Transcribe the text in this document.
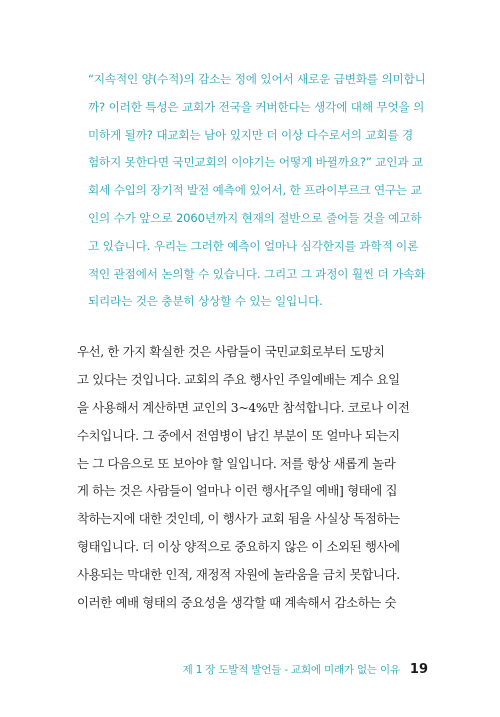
“지속적인 양(수적)의 감소는 정에 있어서 새로운 급변화를 의미합니
까? 이러한 특성은 교회가 전국을 커버한다는 생각에 대해 무엇을 의
미하게 될까? 대교회는 남아 있지만 더 이상 다수로서의 교회를 경
험하지 못한다면 국민교회의 이야기는 어떻게 바뀔까요?” 교인과 교
회세 수입의 장기적 발전 예측에 있어서, 한 프라이부르크 연구는 교
인의 수가 앞으로 2060년까지 현재의 절반으로 줄어들 것을 예고하
고 있습니다. 우리는 그러한 예측이 얼마나 심각한지를 과학적 이론
적인 관점에서 논의할 수 있습니다. 그리고 그 과정이 훨씬 더 가속화
되리라는 것은 충분히 상상할 수 있는 일입니다.
우선, 한 가지 확실한 것은 사람들이 국민교회로부터 도망치
고 있다는 것입니다. 교회의 주요 행사인 주일예배는 계수 요일
을 사용해서 계산하면 교인의 3~4%만 참석합니다. 코로나 이전
수치입니다. 그 중에서 전염병이 남긴 부분이 또 얼마나 되는지
는 그 다음으로 또 보아야 할 일입니다. 저를 항상 새롭게 놀라
게 하는 것은 사람들이 얼마나 이런 행사[주일 예배] 형태에 집
착하는지에 대한 것인데, 이 행사가 교회 됨을 사실상 독점하는
형태입니다. 더 이상 양적으로 중요하지 않은 이 소외된 행사에
사용되는 막대한 인적, 재정적 자원에 놀라움을 금치 못합니다.
이러한 예배 형태의 중요성을 생각할 때 계속해서 감소하는 숫
제 1 장 도발적 발언들 - 교회에 미래가 없는 이유 19
